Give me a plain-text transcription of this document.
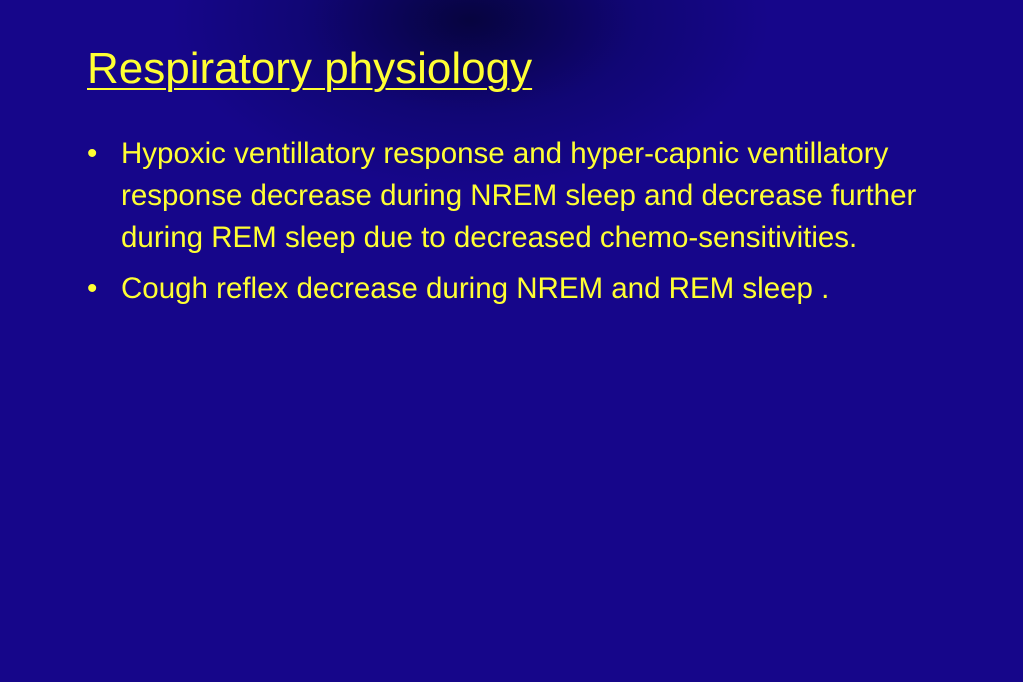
Respiratory physiology
• Hypoxic ventillatory response and hyper-capnic ventillatory response decrease during NREM sleep and decrease further during REM sleep due to decreased chemo-sensitivities.
• Cough reflex decrease during NREM and REM sleep .
